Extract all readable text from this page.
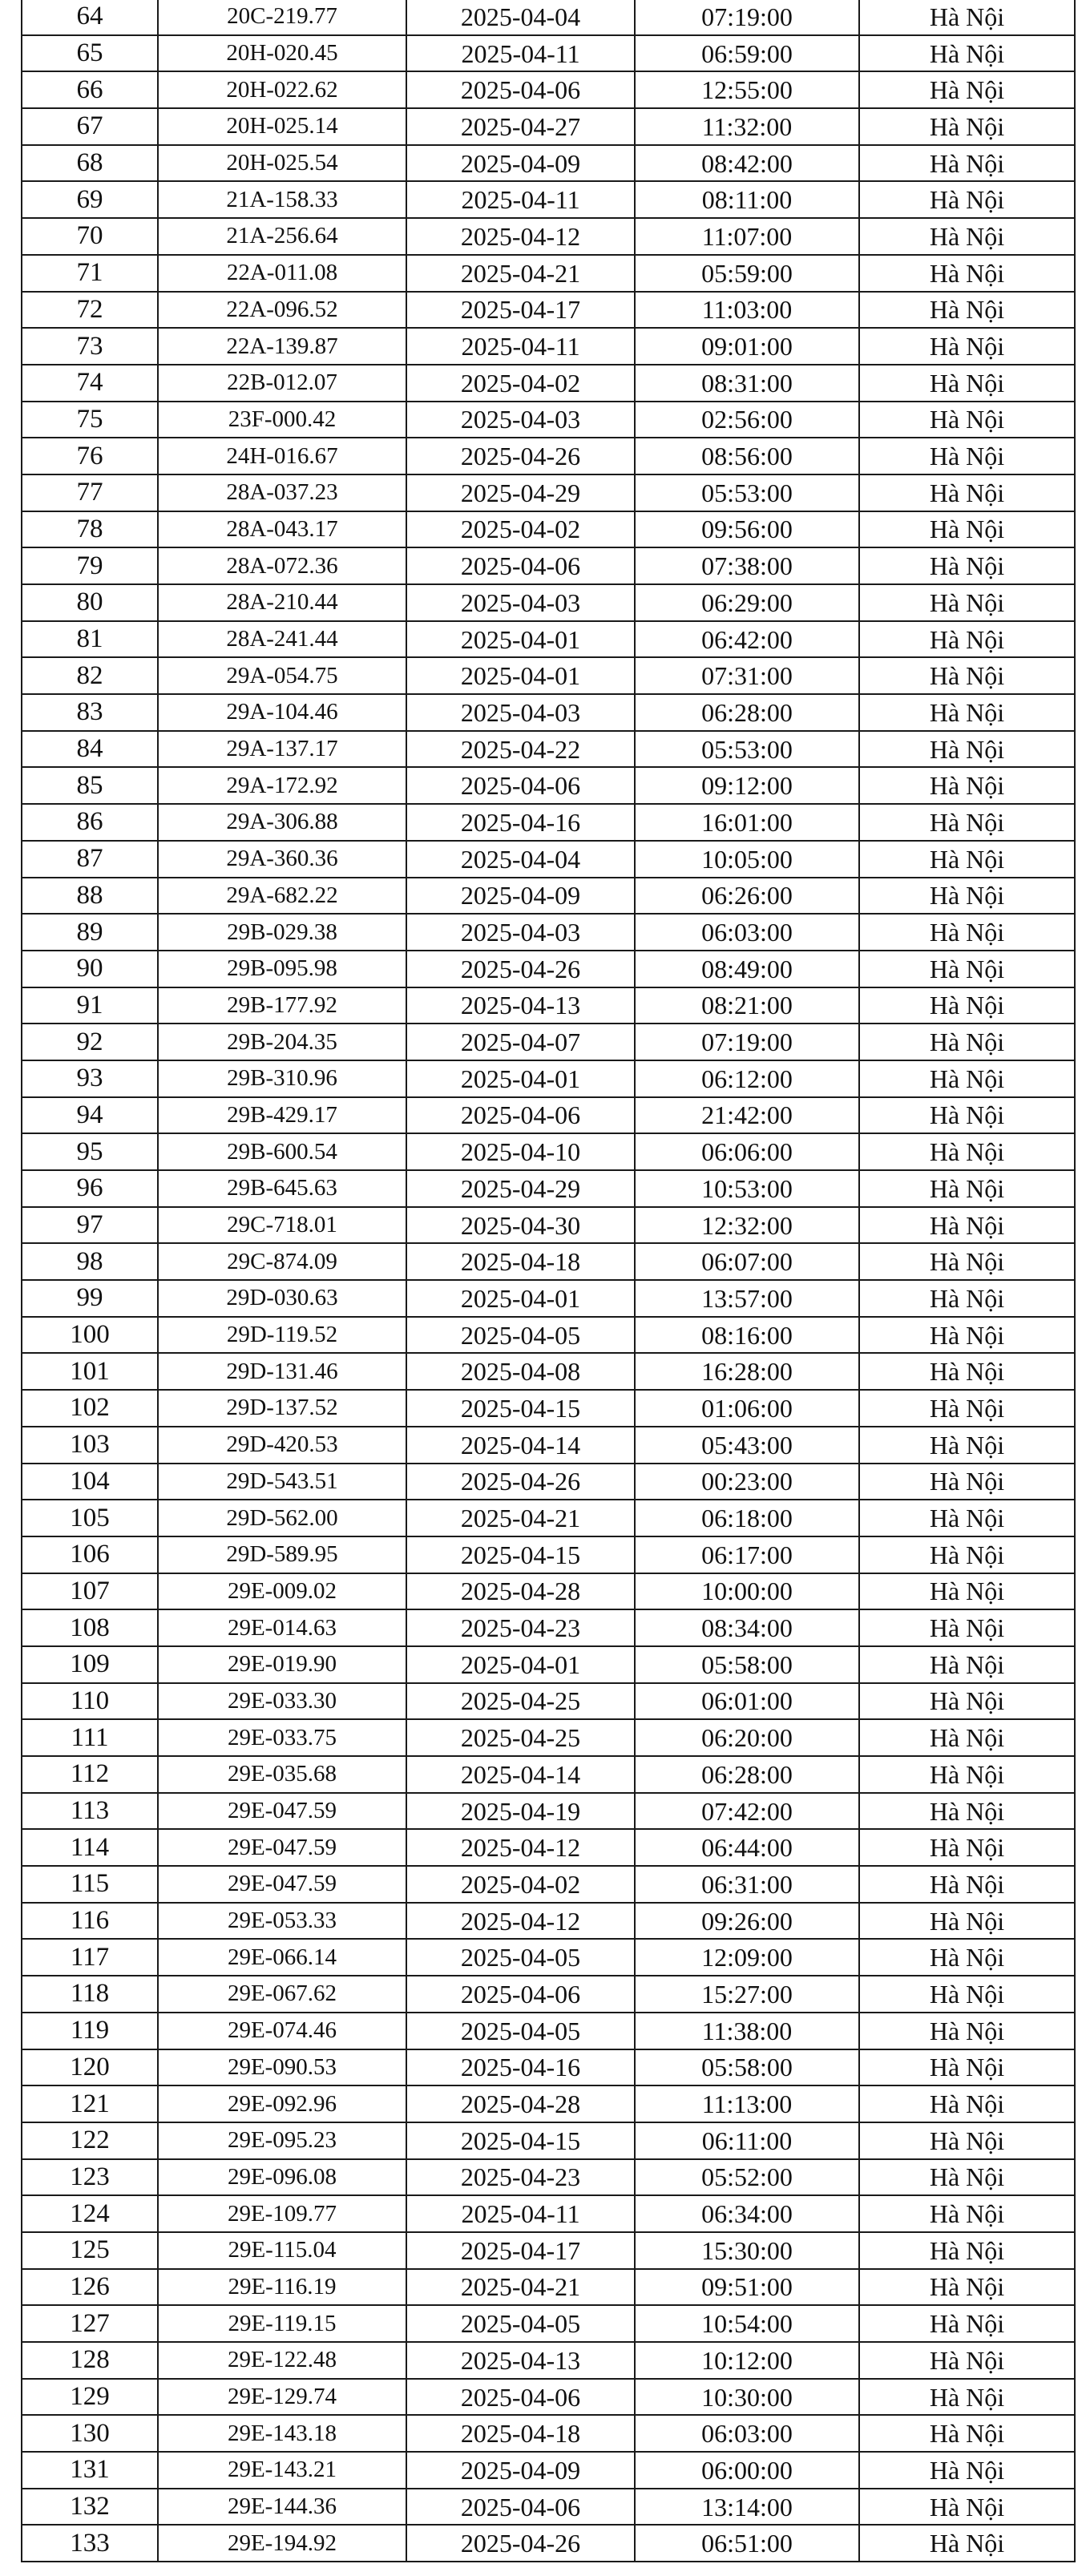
64	20C-219.77	2025-04-04	07:19:00	Hà Nội
65	20H-020.45	2025-04-11	06:59:00	Hà Nội
66	20H-022.62	2025-04-06	12:55:00	Hà Nội
67	20H-025.14	2025-04-27	11:32:00	Hà Nội
68	20H-025.54	2025-04-09	08:42:00	Hà Nội
69	21A-158.33	2025-04-11	08:11:00	Hà Nội
70	21A-256.64	2025-04-12	11:07:00	Hà Nội
71	22A-011.08	2025-04-21	05:59:00	Hà Nội
72	22A-096.52	2025-04-17	11:03:00	Hà Nội
73	22A-139.87	2025-04-11	09:01:00	Hà Nội
74	22B-012.07	2025-04-02	08:31:00	Hà Nội
75	23F-000.42	2025-04-03	02:56:00	Hà Nội
76	24H-016.67	2025-04-26	08:56:00	Hà Nội
77	28A-037.23	2025-04-29	05:53:00	Hà Nội
78	28A-043.17	2025-04-02	09:56:00	Hà Nội
79	28A-072.36	2025-04-06	07:38:00	Hà Nội
80	28A-210.44	2025-04-03	06:29:00	Hà Nội
81	28A-241.44	2025-04-01	06:42:00	Hà Nội
82	29A-054.75	2025-04-01	07:31:00	Hà Nội
83	29A-104.46	2025-04-03	06:28:00	Hà Nội
84	29A-137.17	2025-04-22	05:53:00	Hà Nội
85	29A-172.92	2025-04-06	09:12:00	Hà Nội
86	29A-306.88	2025-04-16	16:01:00	Hà Nội
87	29A-360.36	2025-04-04	10:05:00	Hà Nội
88	29A-682.22	2025-04-09	06:26:00	Hà Nội
89	29B-029.38	2025-04-03	06:03:00	Hà Nội
90	29B-095.98	2025-04-26	08:49:00	Hà Nội
91	29B-177.92	2025-04-13	08:21:00	Hà Nội
92	29B-204.35	2025-04-07	07:19:00	Hà Nội
93	29B-310.96	2025-04-01	06:12:00	Hà Nội
94	29B-429.17	2025-04-06	21:42:00	Hà Nội
95	29B-600.54	2025-04-10	06:06:00	Hà Nội
96	29B-645.63	2025-04-29	10:53:00	Hà Nội
97	29C-718.01	2025-04-30	12:32:00	Hà Nội
98	29C-874.09	2025-04-18	06:07:00	Hà Nội
99	29D-030.63	2025-04-01	13:57:00	Hà Nội
100	29D-119.52	2025-04-05	08:16:00	Hà Nội
101	29D-131.46	2025-04-08	16:28:00	Hà Nội
102	29D-137.52	2025-04-15	01:06:00	Hà Nội
103	29D-420.53	2025-04-14	05:43:00	Hà Nội
104	29D-543.51	2025-04-26	00:23:00	Hà Nội
105	29D-562.00	2025-04-21	06:18:00	Hà Nội
106	29D-589.95	2025-04-15	06:17:00	Hà Nội
107	29E-009.02	2025-04-28	10:00:00	Hà Nội
108	29E-014.63	2025-04-23	08:34:00	Hà Nội
109	29E-019.90	2025-04-01	05:58:00	Hà Nội
110	29E-033.30	2025-04-25	06:01:00	Hà Nội
111	29E-033.75	2025-04-25	06:20:00	Hà Nội
112	29E-035.68	2025-04-14	06:28:00	Hà Nội
113	29E-047.59	2025-04-19	07:42:00	Hà Nội
114	29E-047.59	2025-04-12	06:44:00	Hà Nội
115	29E-047.59	2025-04-02	06:31:00	Hà Nội
116	29E-053.33	2025-04-12	09:26:00	Hà Nội
117	29E-066.14	2025-04-05	12:09:00	Hà Nội
118	29E-067.62	2025-04-06	15:27:00	Hà Nội
119	29E-074.46	2025-04-05	11:38:00	Hà Nội
120	29E-090.53	2025-04-16	05:58:00	Hà Nội
121	29E-092.96	2025-04-28	11:13:00	Hà Nội
122	29E-095.23	2025-04-15	06:11:00	Hà Nội
123	29E-096.08	2025-04-23	05:52:00	Hà Nội
124	29E-109.77	2025-04-11	06:34:00	Hà Nội
125	29E-115.04	2025-04-17	15:30:00	Hà Nội
126	29E-116.19	2025-04-21	09:51:00	Hà Nội
127	29E-119.15	2025-04-05	10:54:00	Hà Nội
128	29E-122.48	2025-04-13	10:12:00	Hà Nội
129	29E-129.74	2025-04-06	10:30:00	Hà Nội
130	29E-143.18	2025-04-18	06:03:00	Hà Nội
131	29E-143.21	2025-04-09	06:00:00	Hà Nội
132	29E-144.36	2025-04-06	13:14:00	Hà Nội
133	29E-194.92	2025-04-26	06:51:00	Hà Nội
